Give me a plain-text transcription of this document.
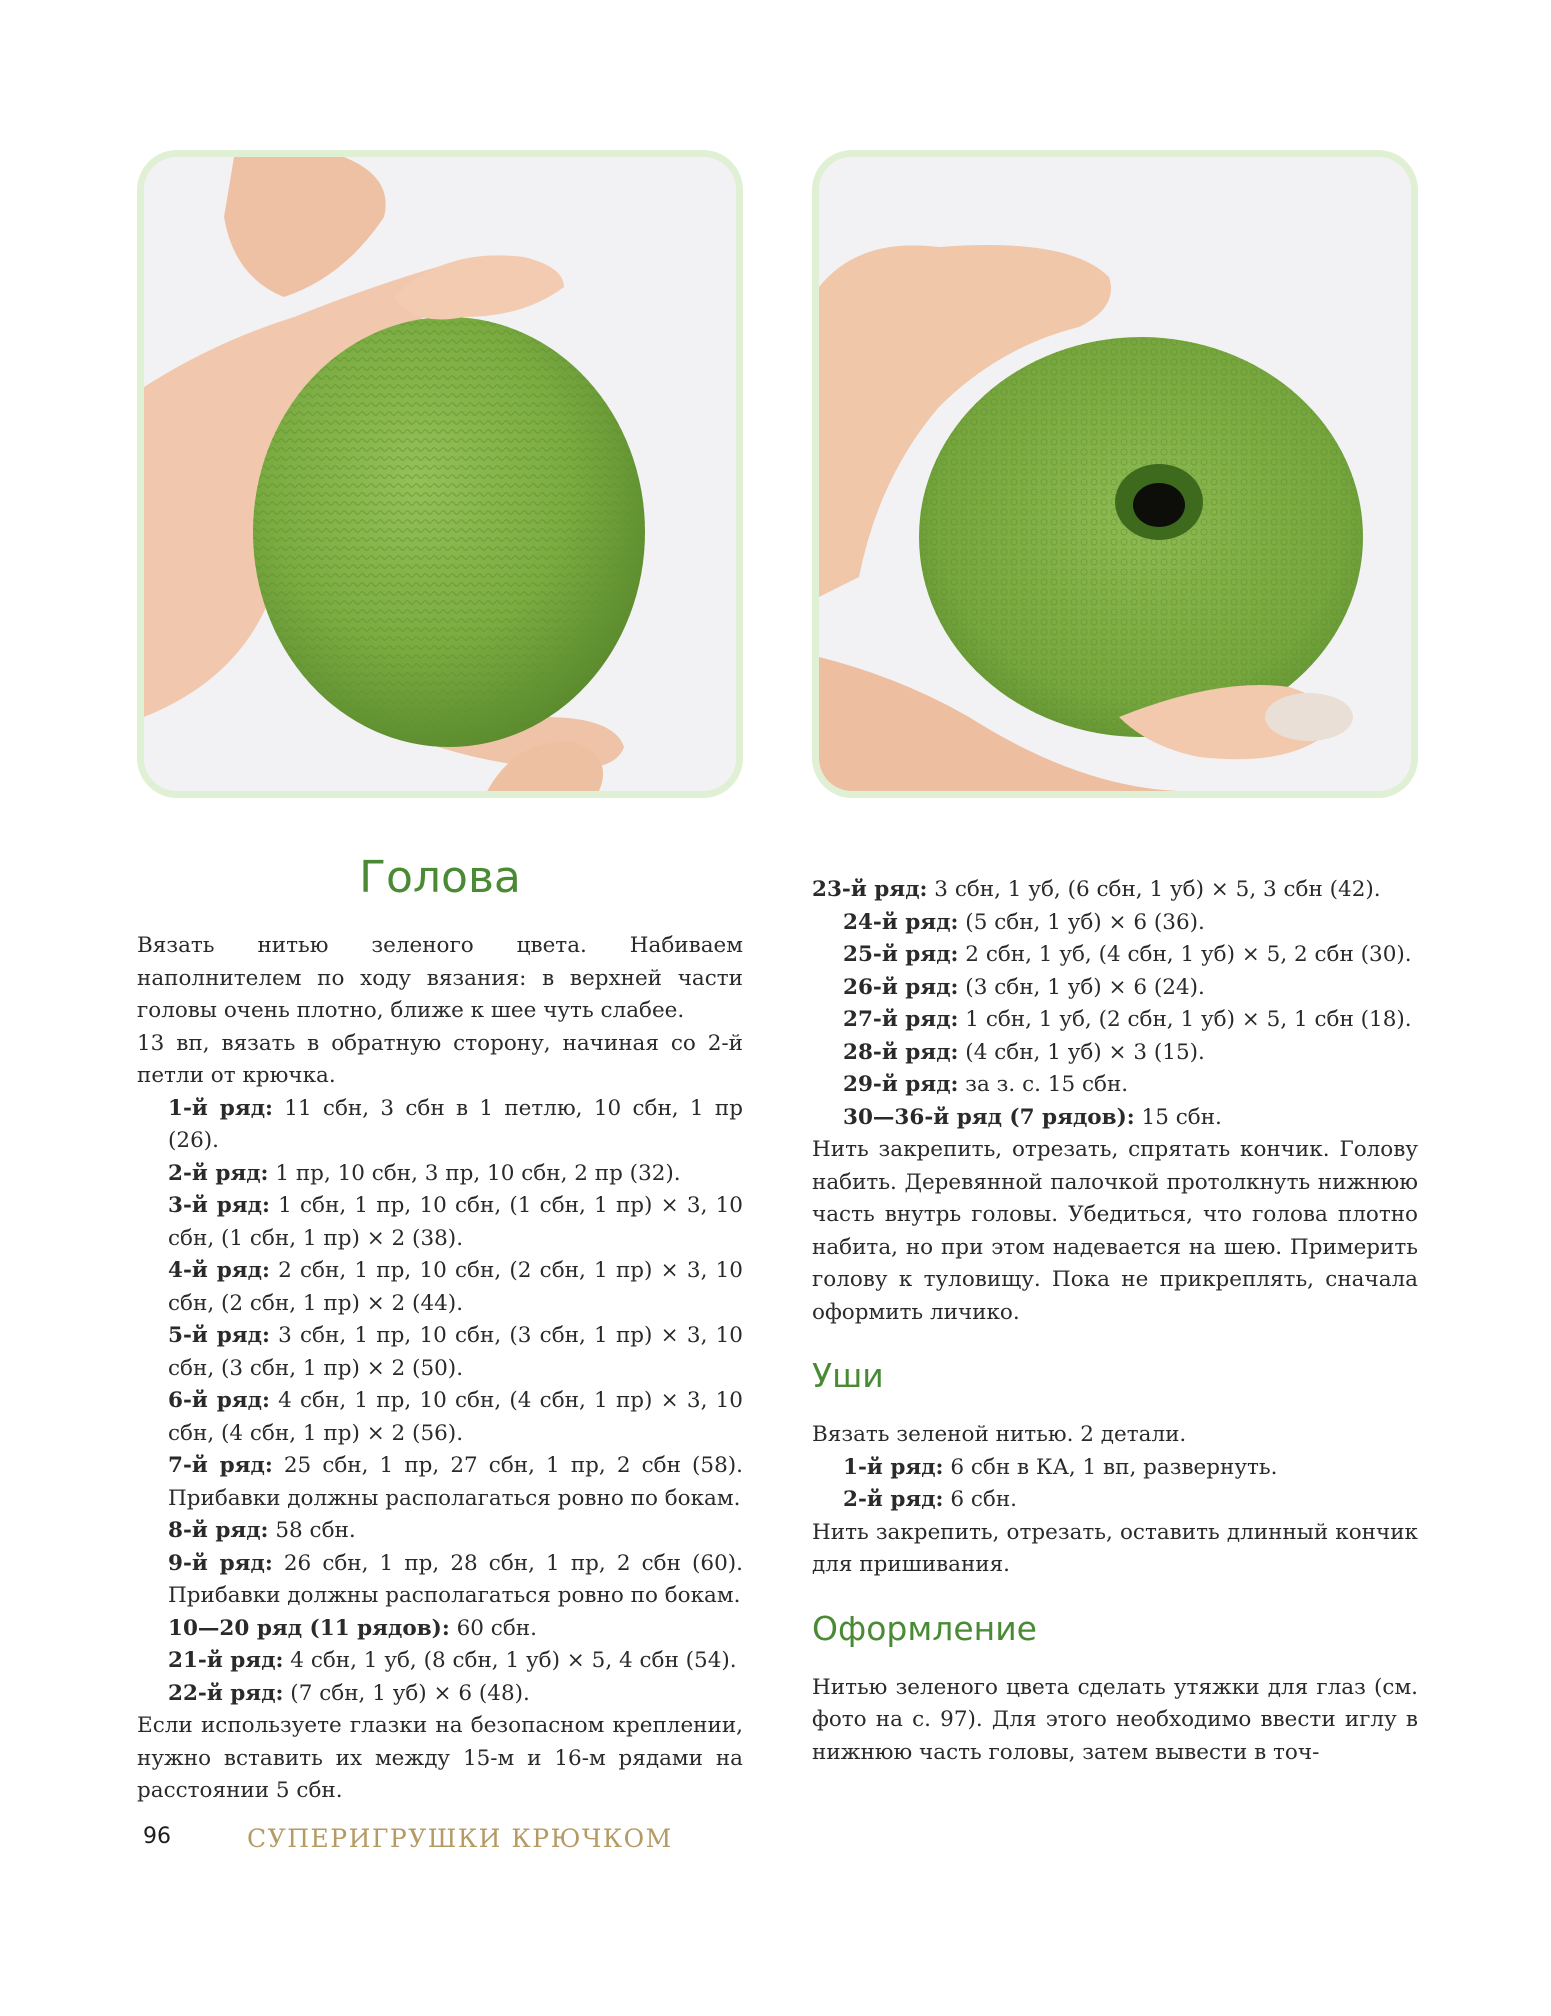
Голова

Вязать нитью зеленого цвета. Набиваем наполнителем по ходу вязания: в верхней части головы очень плотно, ближе к шее чуть слабее.

13 вп, вязать в обратную сторону, начиная со 2-й петли от крючка.

1-й ряд: 11 сбн, 3 сбн в 1 петлю, 10 сбн, 1 пр (26).

2-й ряд: 1 пр, 10 сбн, 3 пр, 10 сбн, 2 пр (32).

3-й ряд: 1 сбн, 1 пр, 10 сбн, (1 сбн, 1 пр) × 3, 10 сбн, (1 сбн, 1 пр) × 2 (38).

4-й ряд: 2 сбн, 1 пр, 10 сбн, (2 сбн, 1 пр) × 3, 10 сбн, (2 сбн, 1 пр) × 2 (44).

5-й ряд: 3 сбн, 1 пр, 10 сбн, (3 сбн, 1 пр) × 3, 10 сбн, (3 сбн, 1 пр) × 2 (50).

6-й ряд: 4 сбн, 1 пр, 10 сбн, (4 сбн, 1 пр) × 3, 10 сбн, (4 сбн, 1 пр) × 2 (56).

7-й ряд: 25 сбн, 1 пр, 27 сбн, 1 пр, 2 сбн (58). Прибавки должны располагаться ровно по бокам.

8-й ряд: 58 сбн.

9-й ряд: 26 сбн, 1 пр, 28 сбн, 1 пр, 2 сбн (60). Прибавки должны располагаться ровно по бокам.

10—20 ряд (11 рядов): 60 сбн.

21-й ряд: 4 сбн, 1 уб, (8 сбн, 1 уб) × 5, 4 сбн (54).

22-й ряд: (7 сбн, 1 уб) × 6 (48).

Если используете глазки на безопасном креплении, нужно вставить их между 15-м и 16-м рядами на расстоянии 5 сбн.

23-й ряд: 3 сбн, 1 уб, (6 сбн, 1 уб) × 5, 3 сбн (42).

24-й ряд: (5 сбн, 1 уб) × 6 (36).

25-й ряд: 2 сбн, 1 уб, (4 сбн, 1 уб) × 5, 2 сбн (30).

26-й ряд: (3 сбн, 1 уб) × 6 (24).

27-й ряд: 1 сбн, 1 уб, (2 сбн, 1 уб) × 5, 1 сбн (18).

28-й ряд: (4 сбн, 1 уб) × 3 (15).

29-й ряд: за з. с. 15 сбн.

30—36-й ряд (7 рядов): 15 сбн.

Нить закрепить, отрезать, спрятать кончик. Голову набить. Деревянной палочкой протолкнуть нижнюю часть внутрь головы. Убедиться, что голова плотно набита, но при этом надевается на шею. Примерить голову к туловищу. Пока не прикреплять, сначала оформить личико.

Уши

Вязать зеленой нитью. 2 детали.

1-й ряд: 6 сбн в КА, 1 вп, развернуть.

2-й ряд: 6 сбн.

Нить закрепить, отрезать, оставить длинный кончик для пришивания.

Оформление

Нитью зеленого цвета сделать утяжки для глаз (см. фото на с. 97). Для этого необходимо ввести иглу в нижнюю часть головы, затем вывести в точ-

96	СУПЕРИГРУШКИ КРЮЧКОМ
